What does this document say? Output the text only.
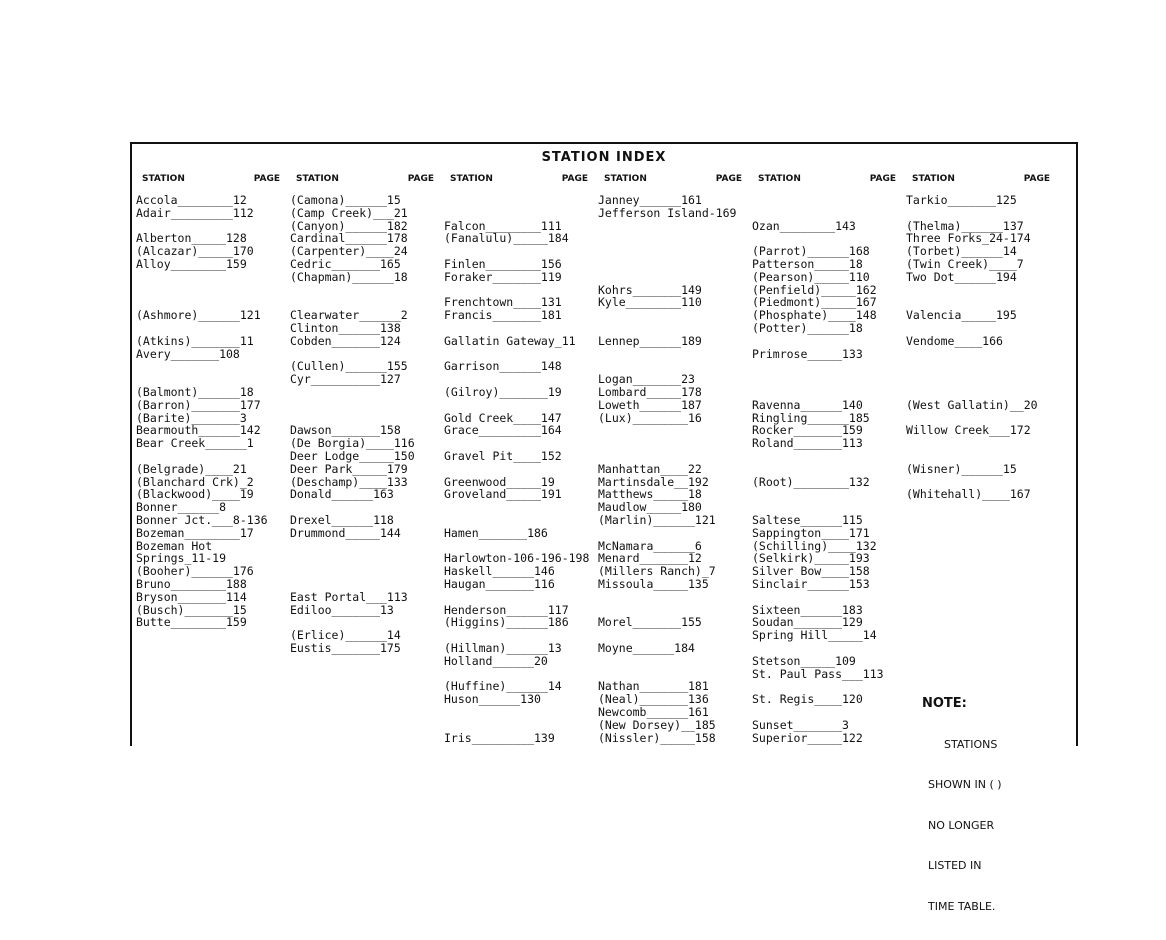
STATION INDEX
STATION	PAGE
Accola________12
Adair_________112
Alberton_____128
(Alcazar)_____170
Alloy________159
(Ashmore)______121
(Atkins)_______11
Avery_______108
(Balmont)______18
(Barron)_______177
(Barite)_______3
Bearmouth______142
Bear Creek______1
(Belgrade)____21
(Blanchard Crk)_2
(Blackwood)____19
Bonner______8
Bonner Jct.___8-136
Bozeman________17
Bozeman Hot
Springs_11-19
(Booher)______176
Bruno________188
Bryson_______114
(Busch)_______15
Butte________159
STATION	PAGE
(Camona)______15
(Camp Creek)___21
(Canyon)______182
Cardinal______178
(Carpenter)____24
Cedric_______165
(Chapman)______18
Clearwater______2
Clinton______138
Cobden_______124
(Cullen)______155
Cyr__________127
Dawson_______158
(De Borgia)____116
Deer Lodge_____150
Deer Park_____179
(Deschamp)____133
Donald______163
Drexel______118
Drummond_____144
East Portal___113
Ediloo_______13
(Erlice)______14
Eustis_______175
STATION	PAGE
Falcon________111
(Fanalulu)_____184
Finlen________156
Foraker_______119
Frenchtown____131
Francis_______181
Gallatin Gateway_11
Garrison______148
(Gilroy)_______19
Gold Creek____147
Grace_________164
Gravel Pit____152
Greenwood_____19
Groveland_____191
Hamen_______186
Harlowton-106-196-198
Haskell______146
Haugan_______116
Henderson______117
(Higgins)______186
(Hillman)______13
Holland______20
(Huffine)______14
Huson______130
Iris_________139
STATION	PAGE
Janney______161
Jefferson Island-169
Kohrs_______149
Kyle________110
Lennep______189
Logan_______23
Lombard_____178
Loweth______187
(Lux)________16
Manhattan____22
Martinsdale__192
Matthews_____18
Maudlow_____180
(Marlin)______121
McNamara______6
Menard_______12
(Millers Ranch)_7
Missoula_____135
Morel_______155
Moyne______184
Nathan_______181
(Neal)_______136
Newcomb______161
(New Dorsey)__185
(Nissler)_____158
STATION	PAGE
Ozan________143
(Parrot)______168
Patterson_____18
(Pearson)_____110
(Penfield)_____162
(Piedmont)_____167
(Phosphate)____148
(Potter)______18
Primrose_____133
Ravenna______140
Ringling______185
Rocker_______159
Roland_______113
(Root)________132
Saltese______115
Sappington____171
(Schilling)____132
(Selkirk)_____193
Silver Bow____158
Sinclair______153
Sixteen______183
Soudan_______129
Spring Hill_____14
Stetson_____109
St. Paul Pass___113
St. Regis____120
Sunset_______3
Superior_____122
STATION	PAGE
Tarkio_______125
(Thelma)______137
Three Forks_24-174
(Torbet)______14
(Twin Creek)____7
Two Dot______194
Valencia_____195
Vendome____166
(West Gallatin)__20
Willow Creek___172
(Wisner)______15
(Whitehall)____167

NOTE:

STATIONS

SHOWN IN ( )

NO LONGER

LISTED IN

TIME TABLE.
